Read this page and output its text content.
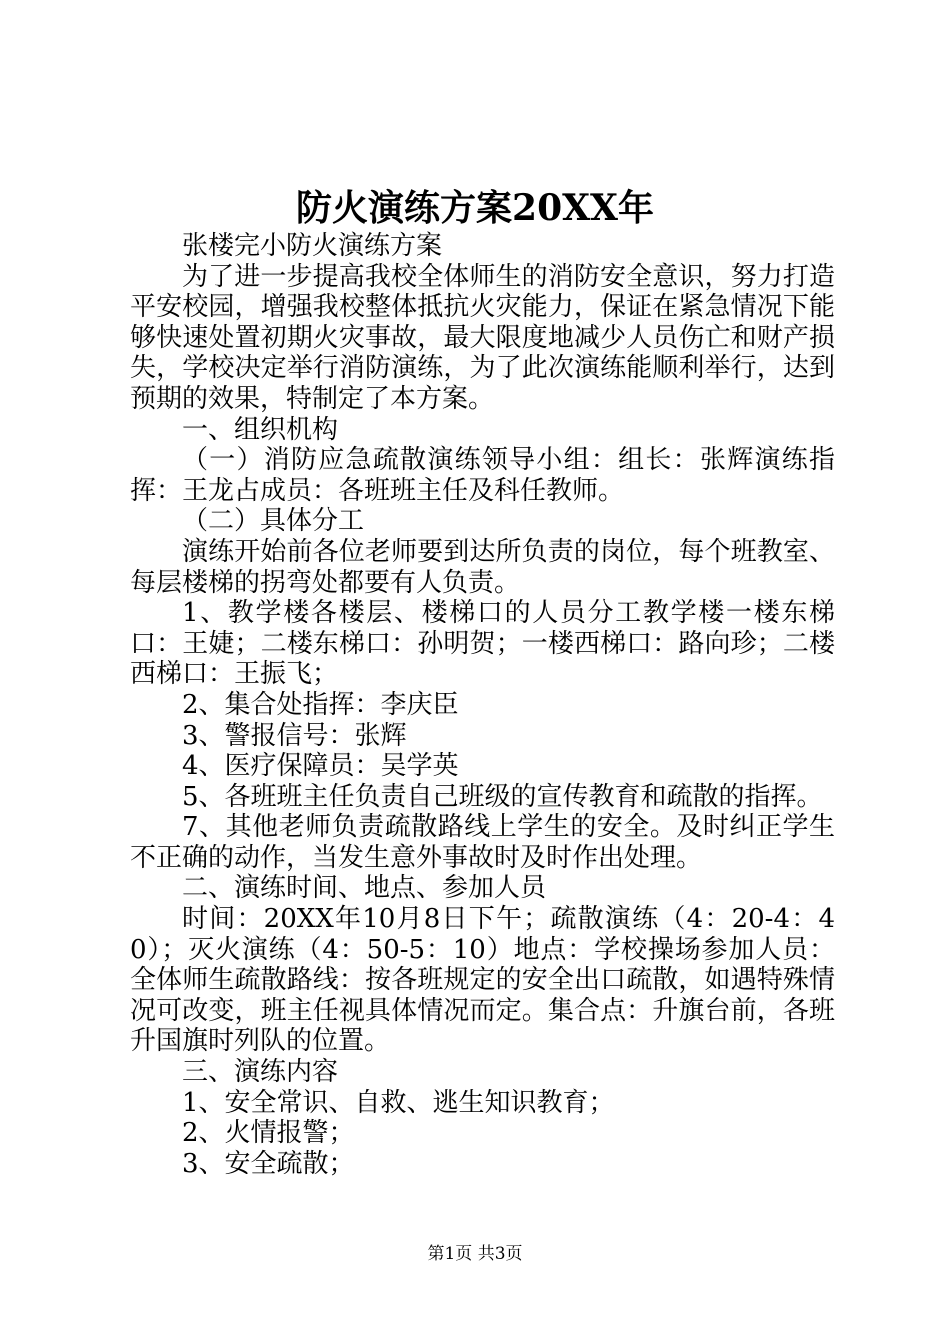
防火演练方案20XX年

张楼完小防火演练方案

为了进一步提高我校全体师生的消防安全意识，努力打造平安校园，增强我校整体抵抗火灾能力，保证在紧急情况下能够快速处置初期火灾事故，最大限度地减少人员伤亡和财产损失，学校决定举行消防演练，为了此次演练能顺利举行，达到预期的效果，特制定了本方案。

一、组织机构

（一）消防应急疏散演练领导小组：组长：张辉演练指挥：王龙占成员：各班班主任及科任教师。

（二）具体分工

演练开始前各位老师要到达所负责的岗位，每个班教室、每层楼梯的拐弯处都要有人负责。

1、教学楼各楼层、楼梯口的人员分工教学楼一楼东梯口：王婕；二楼东梯口：孙明贺；一楼西梯口：路向珍；二楼西梯口：王振飞；

2、集合处指挥：李庆臣

3、警报信号：张辉

4、医疗保障员：吴学英

5、各班班主任负责自己班级的宣传教育和疏散的指挥。

7、其他老师负责疏散路线上学生的安全。及时纠正学生不正确的动作，当发生意外事故时及时作出处理。

二、演练时间、地点、参加人员

时间：20XX年10月8日下午；疏散演练（4：20-4：40）；灭火演练（4：50-5：10）地点：学校操场参加人员：全体师生疏散路线：按各班规定的安全出口疏散，如遇特殊情况可改变，班主任视具体情况而定。集合点：升旗台前，各班升国旗时列队的位置。

三、演练内容

1、安全常识、自救、逃生知识教育；

2、火情报警；

3、安全疏散；

第1页 共3页
